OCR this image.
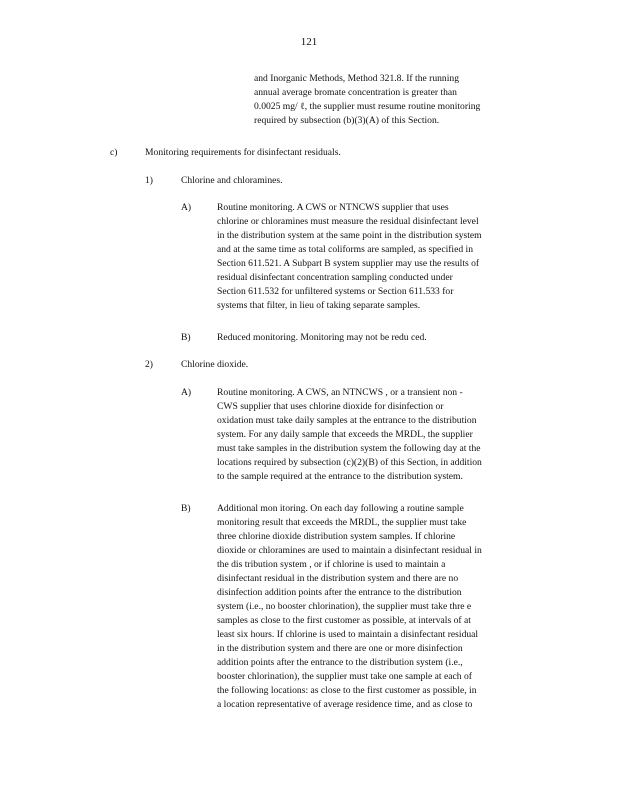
121
and Inorganic Methods, Method 321.8. If the running
annual average bromate concentration is greater than
0.0025 mg/ ℓ, the supplier must resume routine monitoring
required by subsection (b)(3)(A) of this Section.
c)	Monitoring requirements for disinfectant residuals.
1)	Chlorine and chloramines.
A)	Routine monitoring. A CWS or NTNCWS supplier that uses
chlorine or chloramines must measure the residual disinfectant level
in the distribution system at the same point in the distribution system
and at the same time as total coliforms are sampled, as specified in
Section 611.521. A Subpart B system supplier may use the results of
residual disinfectant concentration sampling conducted under
Section 611.532 for unfiltered systems or Section 611.533 for
systems that filter, in lieu of taking separate samples.
B)	Reduced monitoring. Monitoring may not be redu ced.
2)	Chlorine dioxide.
A)	Routine monitoring. A CWS, an NTNCWS , or a transient non -
CWS supplier that uses chlorine dioxide for disinfection or
oxidation must take daily samples at the entrance to the distribution
system. For any daily sample that exceeds the MRDL, the supplier
must take samples in the distribution system the following day at the
locations required by subsection (c)(2)(B) of this Section, in addition
to the sample required at the entrance to the distribution system.
B)	Additional mon itoring. On each day following a routine sample
monitoring result that exceeds the MRDL, the supplier must take
three chlorine dioxide distribution system samples. If chlorine
dioxide or chloramines are used to maintain a disinfectant residual in
the dis tribution system , or if chlorine is used to maintain a
disinfectant residual in the distribution system and there are no
disinfection addition points after the entrance to the distribution
system (i.e., no booster chlorination), the supplier must take thre e
samples as close to the first customer as possible, at intervals of at
least six hours. If chlorine is used to maintain a disinfectant residual
in the distribution system and there are one or more disinfection
addition points after the entrance to the distribution system (i.e.,
booster chlorination), the supplier must take one sample at each of
the following locations: as close to the first customer as possible, in
a location representative of average residence time, and as close to
